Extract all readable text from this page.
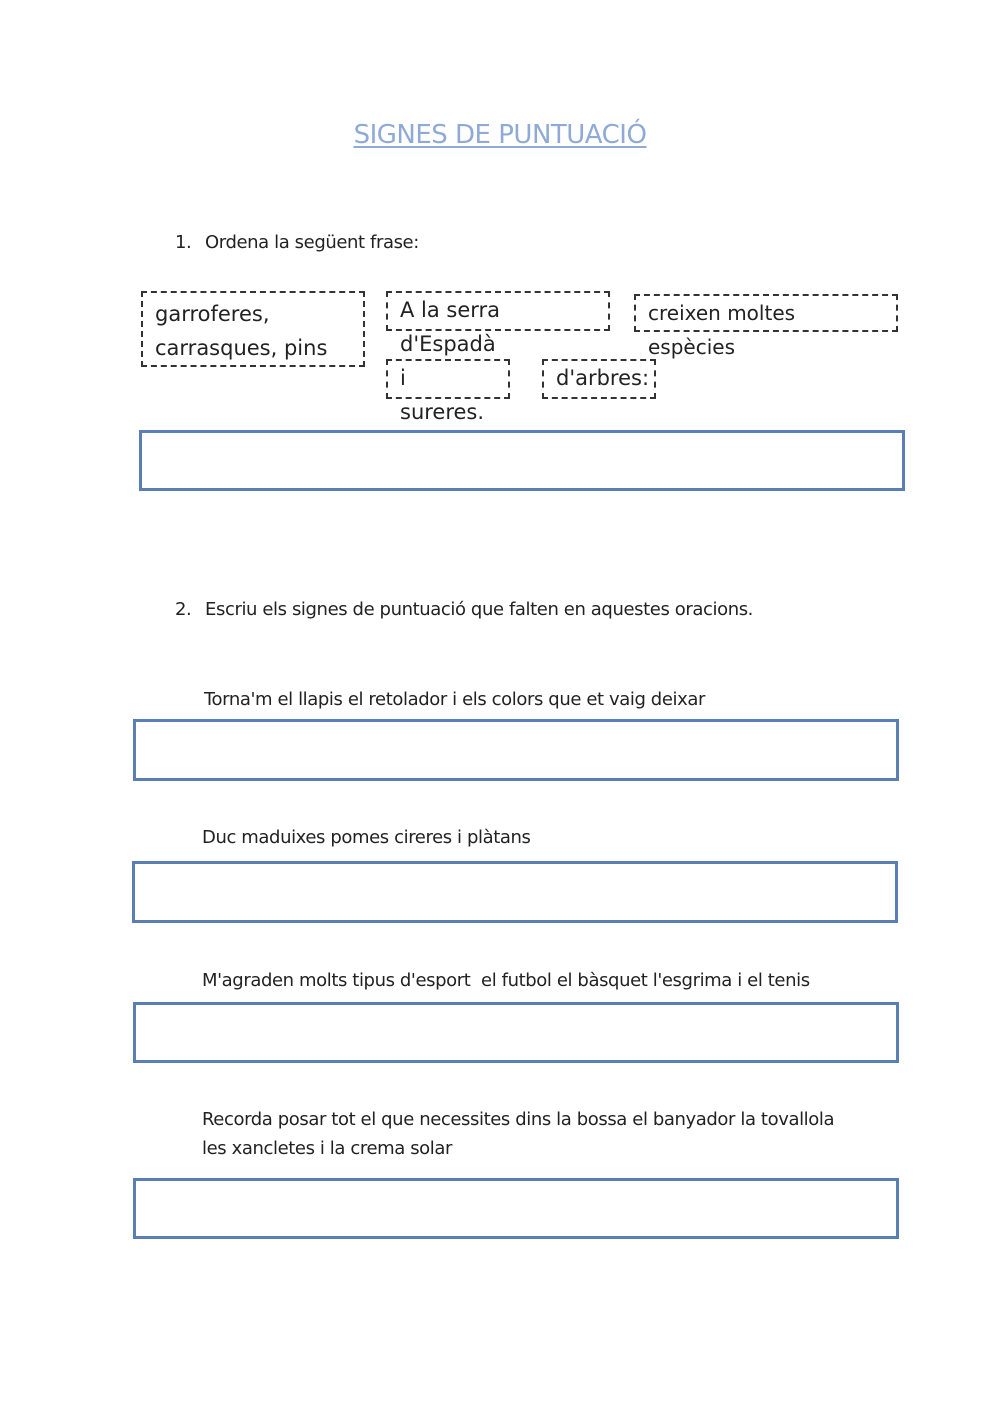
SIGNES DE PUNTUACIÓ
1. Ordena la següent frase:
garroferes,
carrasques, pins
A la serra d'Espadà
creixen moltes espècies
i sureres.
d'arbres:
2. Escriu els signes de puntuació que falten en aquestes oracions.
Torna'm el llapis el retolador i els colors que et vaig deixar
Duc maduixes pomes cireres i plàtans
M'agraden molts tipus d'esport  el futbol el bàsquet l'esgrima i el tenis
Recorda posar tot el que necessites dins la bossa el banyador la tovallola les xancletes i la crema solar
